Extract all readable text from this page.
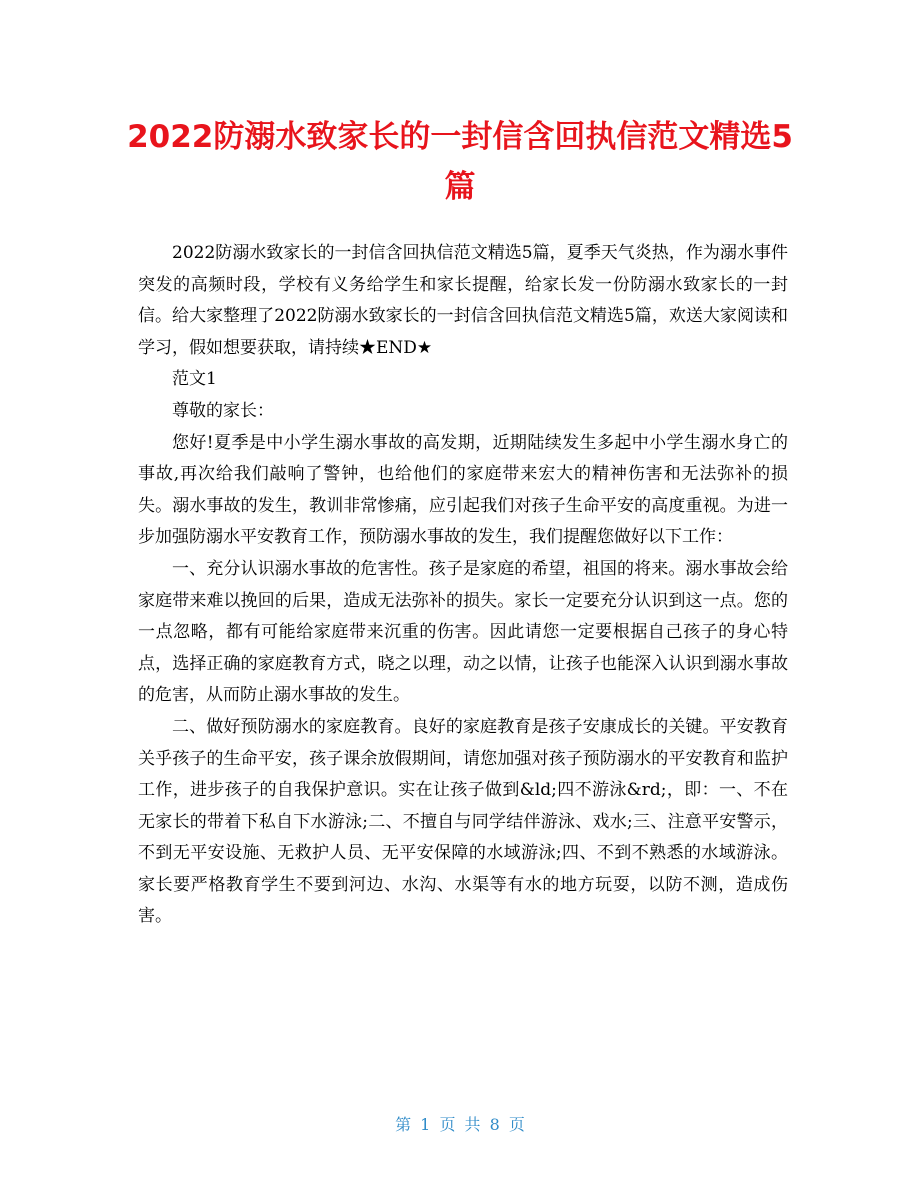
2022防溺水致家长的一封信含回执信范文精选5篇

2022防溺水致家长的一封信含回执信范文精选5篇，夏季天气炎热，作为溺水事件突发的高频时段，学校有义务给学生和家长提醒，给家长发一份防溺水致家长的一封信。给大家整理了2022防溺水致家长的一封信含回执信范文精选5篇，欢送大家阅读和学习，假如想要获取，请持续★END★

范文1

尊敬的家长：

您好!夏季是中小学生溺水事故的高发期，近期陆续发生多起中小学生溺水身亡的事故,再次给我们敲响了警钟，也给他们的家庭带来宏大的精神伤害和无法弥补的损失。溺水事故的发生，教训非常惨痛，应引起我们对孩子生命平安的高度重视。为进一步加强防溺水平安教育工作，预防溺水事故的发生，我们提醒您做好以下工作：

一、充分认识溺水事故的危害性。孩子是家庭的希望，祖国的将来。溺水事故会给家庭带来难以挽回的后果，造成无法弥补的损失。家长一定要充分认识到这一点。您的一点忽略，都有可能给家庭带来沉重的伤害。因此请您一定要根据自己孩子的身心特点，选择正确的家庭教育方式，晓之以理，动之以情，让孩子也能深入认识到溺水事故的危害，从而防止溺水事故的发生。

二、做好预防溺水的家庭教育。良好的家庭教育是孩子安康成长的关键。平安教育关乎孩子的生命平安，孩子课余放假期间，请您加强对孩子预防溺水的平安教育和监护工作，进步孩子的自我保护意识。实在让孩子做到&ld;四不游泳&rd;，即：一、不在无家长的带着下私自下水游泳;二、不擅自与同学结伴游泳、戏水;三、注意平安警示，不到无平安设施、无救护人员、无平安保障的水域游泳;四、不到不熟悉的水域游泳。家长要严格教育学生不要到河边、水沟、水渠等有水的地方玩耍，以防不测，造成伤害。

第 1 页 共 8 页
